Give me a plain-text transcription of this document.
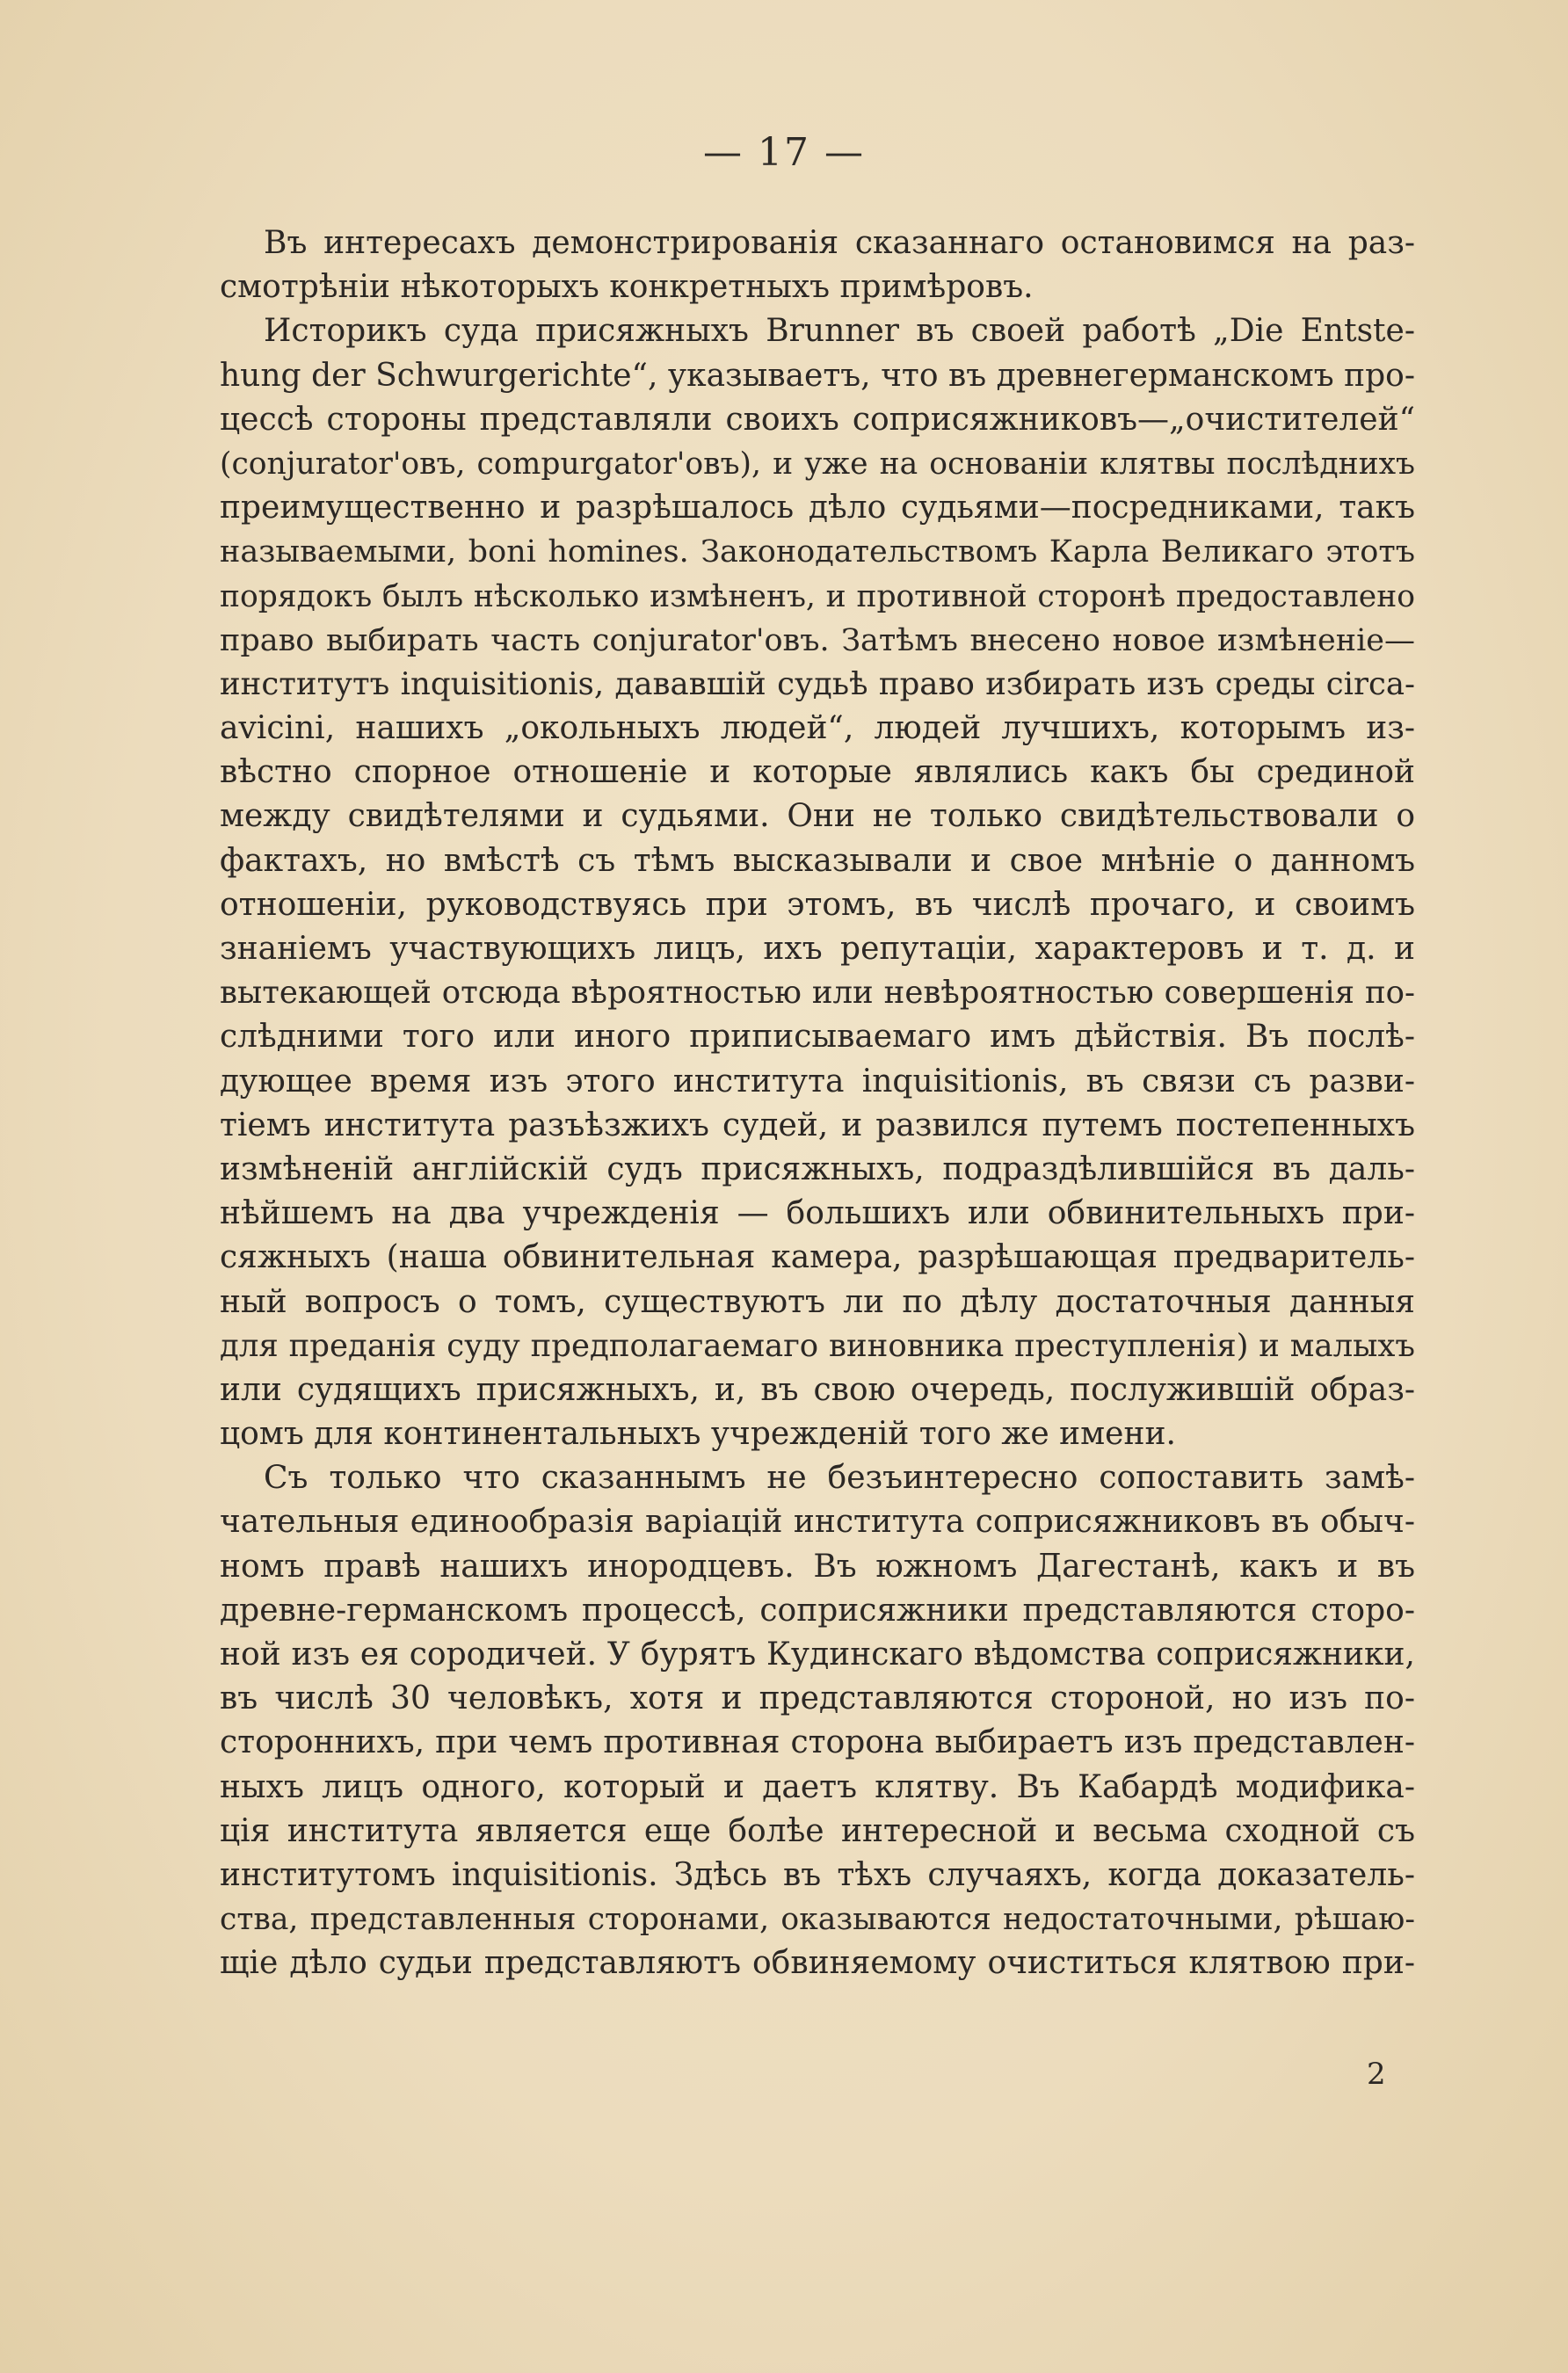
— 17 —
Въ интересахъ демонстрированія сказаннаго остановимся на раз-
смотрѣніи нѣкоторыхъ конкретныхъ примѣровъ.
Историкъ суда присяжныхъ Brunner въ своей работѣ „Die Entste-
hung der Schwurgerichte“, указываетъ, что въ древнегерманскомъ про-
цессѣ стороны представляли своихъ соприсяжниковъ—„очистителей“
(conjurator'овъ, compurgator'овъ), и уже на основаніи клятвы послѣднихъ
преимущественно и разрѣшалось дѣло судьями—посредниками, такъ
называемыми, boni homines. Законодательствомъ Карла Великаго этотъ
порядокъ былъ нѣсколько измѣненъ, и противной сторонѣ предоставлено
право выбирать часть conjurator'овъ. Затѣмъ внесено новое измѣненіе—
институтъ inquisitionis, дававшій судьѣ право избирать изъ среды circa-
avicini, нашихъ „окольныхъ людей“, людей лучшихъ, которымъ из-
вѣстно спорное отношеніе и которые являлись какъ бы срединой
между свидѣтелями и судьями. Они не только свидѣтельствовали о
фактахъ, но вмѣстѣ съ тѣмъ высказывали и свое мнѣніе о данномъ
отношеніи, руководствуясь при этомъ, въ числѣ прочаго, и своимъ
знаніемъ участвующихъ лицъ, ихъ репутаціи, характеровъ и т. д. и
вытекающей отсюда вѣроятностью или невѣроятностью совершенія по-
слѣдними того или иного приписываемаго имъ дѣйствія. Въ послѣ-
дующее время изъ этого института inquisitionis, въ связи съ разви-
тіемъ института разъѣзжихъ судей, и развился путемъ постепенныхъ
измѣненій англійскій судъ присяжныхъ, подраздѣлившійся въ даль-
нѣйшемъ на два учрежденія — большихъ или обвинительныхъ при-
сяжныхъ (наша обвинительная камера, разрѣшающая предваритель-
ный вопросъ о томъ, существуютъ ли по дѣлу достаточныя данныя
для преданія суду предполагаемаго виновника преступленія) и малыхъ
или судящихъ присяжныхъ, и, въ свою очередь, послужившій образ-
цомъ для континентальныхъ учрежденій того же имени.
Съ только что сказаннымъ не безъинтересно сопоставить замѣ-
чательныя единообразія варіацій института соприсяжниковъ въ обыч-
номъ правѣ нашихъ инородцевъ. Въ южномъ Дагестанѣ, какъ и въ
древне-германскомъ процессѣ, соприсяжники представляются сторо-
ной изъ ея сородичей. У бурятъ Кудинскаго вѣдомства соприсяжники,
въ числѣ 30 человѣкъ, хотя и представляются стороной, но изъ по-
стороннихъ, при чемъ противная сторона выбираетъ изъ представлен-
ныхъ лицъ одного, который и даетъ клятву. Въ Кабардѣ модифика-
ція института является еще болѣе интересной и весьма сходной съ
институтомъ inquisitionis. Здѣсь въ тѣхъ случаяхъ, когда доказатель-
ства, представленныя сторонами, оказываются недостаточными, рѣшаю-
щіе дѣло судьи представляютъ обвиняемому очиститься клятвою при-
2
